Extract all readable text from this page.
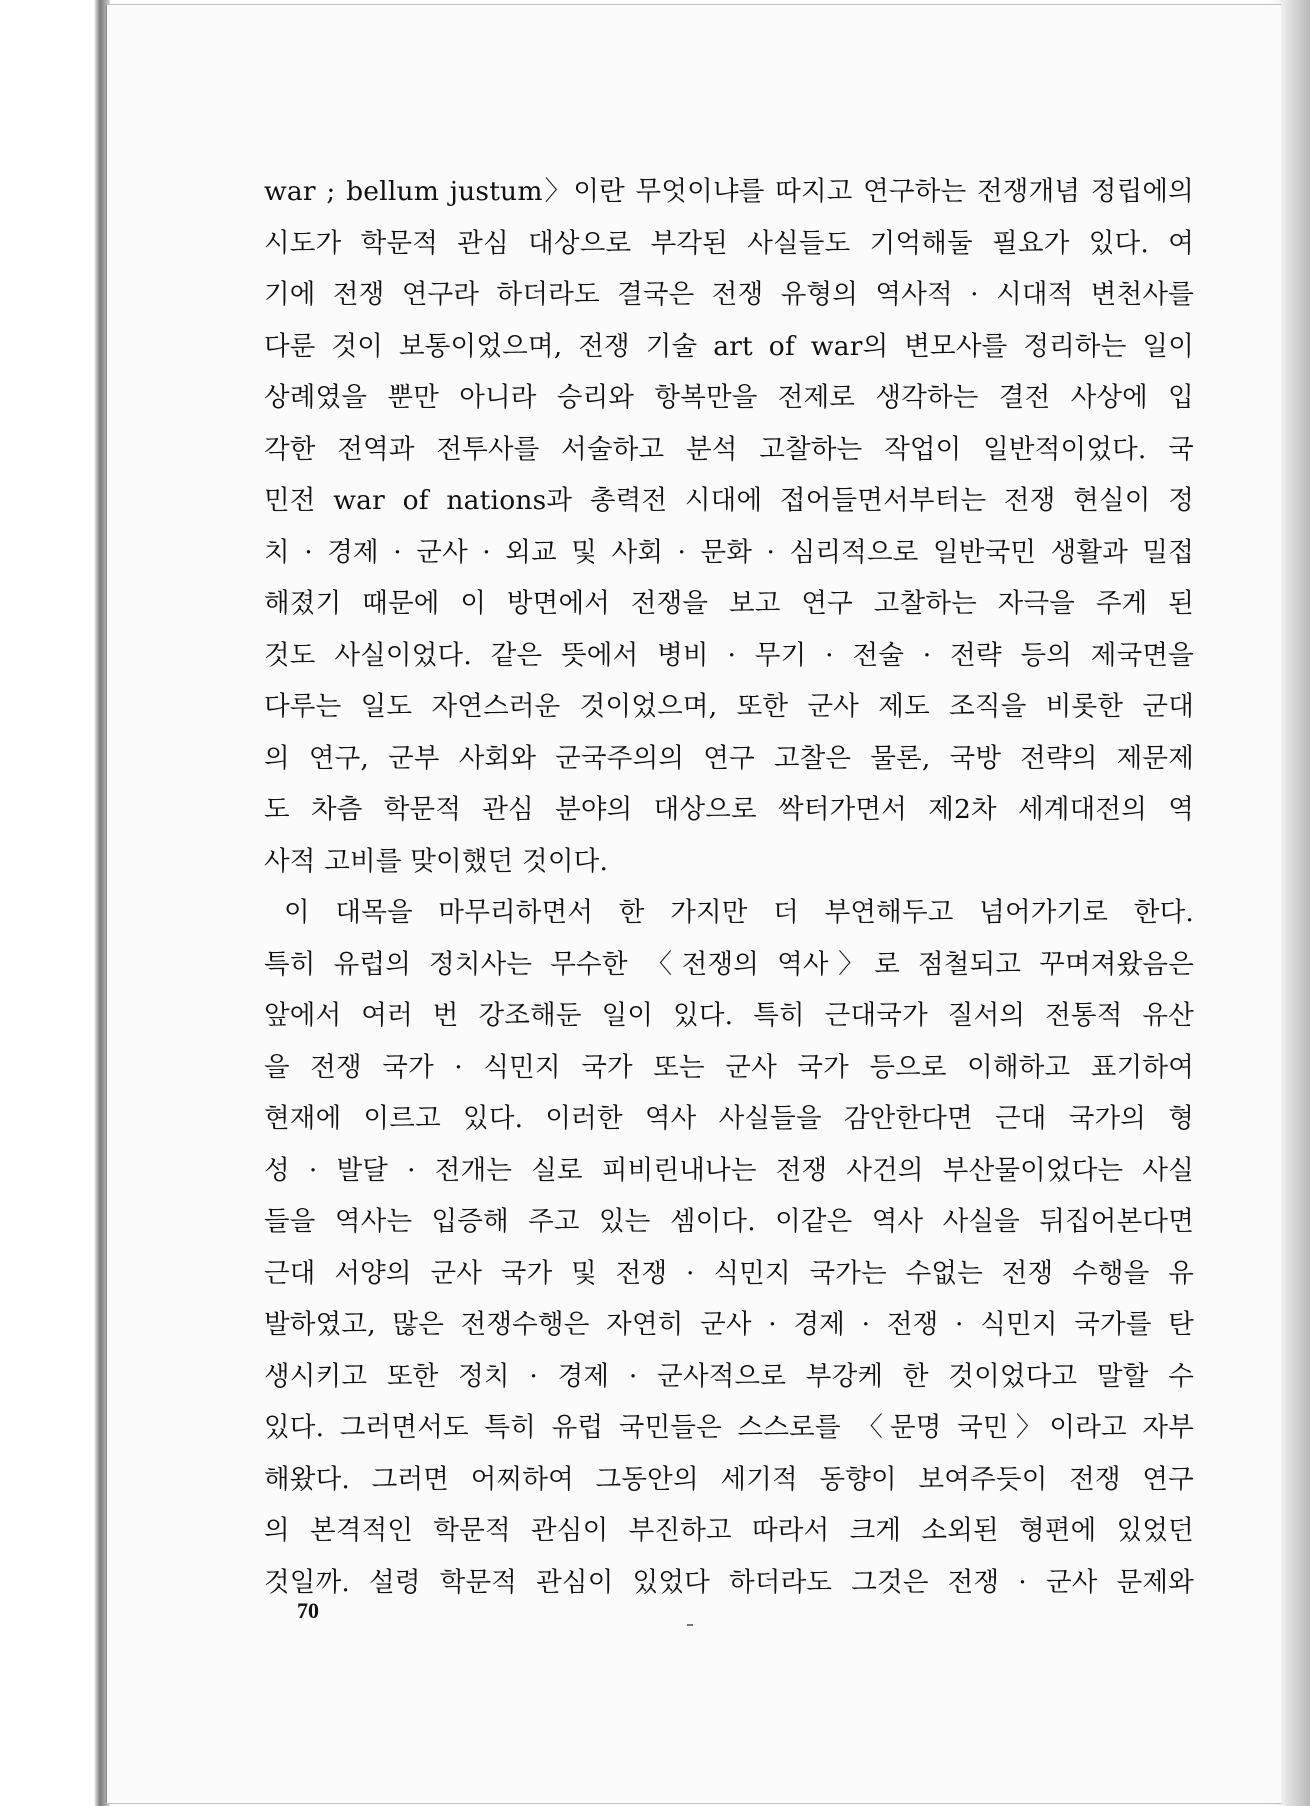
war ; bellum justum〉이란 무엇이냐를 따지고 연구하는 전쟁개념 정립에의
시도가 학문적 관심 대상으로 부각된 사실들도 기억해둘 필요가 있다. 여
기에 전쟁 연구라 하더라도 결국은 전쟁 유형의 역사적 · 시대적 변천사를
다룬 것이 보통이었으며, 전쟁 기술 art of war의 변모사를 정리하는 일이
상례였을 뿐만 아니라 승리와 항복만을 전제로 생각하는 결전 사상에 입
각한 전역과 전투사를 서술하고 분석 고찰하는 작업이 일반적이었다. 국
민전 war of nations과 총력전 시대에 접어들면서부터는 전쟁 현실이 정
치 · 경제 · 군사 · 외교 및 사회 · 문화 · 심리적으로 일반국민 생활과 밀접
해졌기 때문에 이 방면에서 전쟁을 보고 연구 고찰하는 자극을 주게 된
것도 사실이었다. 같은 뜻에서 병비 · 무기 · 전술 · 전략 등의 제국면을
다루는 일도 자연스러운 것이었으며, 또한 군사 제도 조직을 비롯한 군대
의 연구, 군부 사회와 군국주의의 연구 고찰은 물론, 국방 전략의 제문제
도 차츰 학문적 관심 분야의 대상으로 싹터가면서 제2차 세계대전의 역
사적 고비를 맞이했던 것이다.
이 대목을 마무리하면서 한 가지만 더 부연해두고 넘어가기로 한다.
특히 유럽의 정치사는 무수한 〈전쟁의 역사〉로 점철되고 꾸며져왔음은
앞에서 여러 번 강조해둔 일이 있다. 특히 근대국가 질서의 전통적 유산
을 전쟁 국가 · 식민지 국가 또는 군사 국가 등으로 이해하고 표기하여
현재에 이르고 있다. 이러한 역사 사실들을 감안한다면 근대 국가의 형
성 · 발달 · 전개는 실로 피비린내나는 전쟁 사건의 부산물이었다는 사실
들을 역사는 입증해 주고 있는 셈이다. 이같은 역사 사실을 뒤집어본다면
근대 서양의 군사 국가 및 전쟁 · 식민지 국가는 수없는 전쟁 수행을 유
발하였고, 많은 전쟁수행은 자연히 군사 · 경제 · 전쟁 · 식민지 국가를 탄
생시키고 또한 정치 · 경제 · 군사적으로 부강케 한 것이었다고 말할 수
있다. 그러면서도 특히 유럽 국민들은 스스로를 〈문명 국민〉이라고 자부
해왔다. 그러면 어찌하여 그동안의 세기적 동향이 보여주듯이 전쟁 연구
의 본격적인 학문적 관심이 부진하고 따라서 크게 소외된 형편에 있었던
것일까. 설령 학문적 관심이 있었다 하더라도 그것은 전쟁 · 군사 문제와
70
